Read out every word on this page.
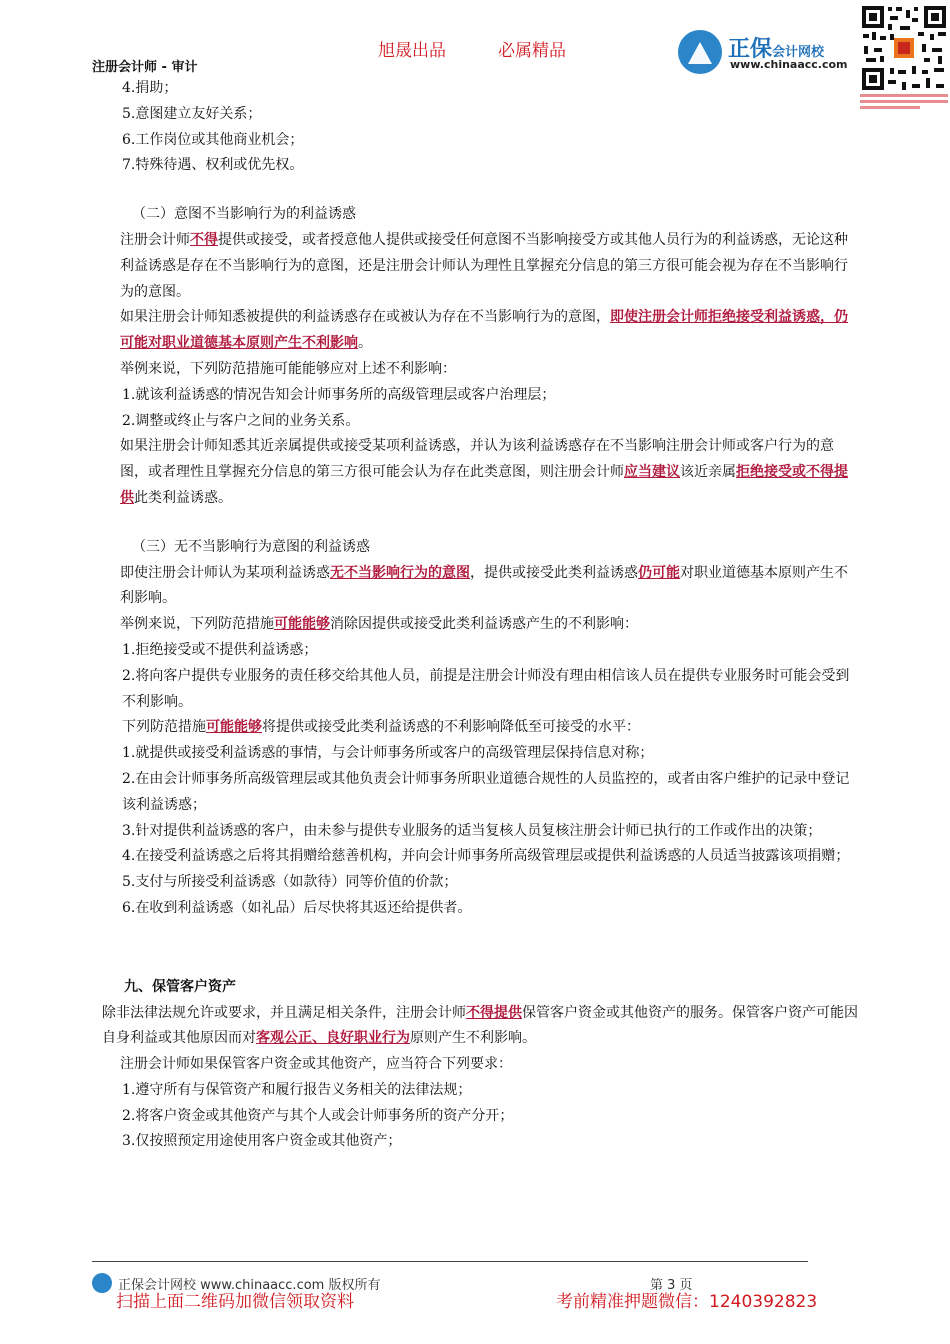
旭晟出品	必属精品
注册会计师 - 审计
正保会计网校
www.chinaacc.com

4.捐助；

5.意图建立友好关系；

6.工作岗位或其他商业机会；

7.特殊待遇、权利或优先权。

（二）意图不当影响行为的利益诱惑

注册会计师不得提供或接受，或者授意他人提供或接受任何意图不当影响接受方或其他人员行为的利益诱惑，无论这种利益诱惑是存在不当影响行为的意图，还是注册会计师认为理性且掌握充分信息的第三方很可能会视为存在不当影响行为的意图。

如果注册会计师知悉被提供的利益诱惑存在或被认为存在不当影响行为的意图，即使注册会计师拒绝接受利益诱惑，仍可能对职业道德基本原则产生不利影响。

举例来说，下列防范措施可能能够应对上述不利影响：

1.就该利益诱惑的情况告知会计师事务所的高级管理层或客户治理层；

2.调整或终止与客户之间的业务关系。

如果注册会计师知悉其近亲属提供或接受某项利益诱惑，并认为该利益诱惑存在不当影响注册会计师或客户行为的意图，或者理性且掌握充分信息的第三方很可能会认为存在此类意图，则注册会计师应当建议该近亲属拒绝接受或不得提供此类利益诱惑。

（三）无不当影响行为意图的利益诱惑

即使注册会计师认为某项利益诱惑无不当影响行为的意图，提供或接受此类利益诱惑仍可能对职业道德基本原则产生不利影响。

举例来说，下列防范措施可能能够消除因提供或接受此类利益诱惑产生的不利影响：

1.拒绝接受或不提供利益诱惑；

2.将向客户提供专业服务的责任移交给其他人员，前提是注册会计师没有理由相信该人员在提供专业服务时可能会受到不利影响。

下列防范措施可能能够将提供或接受此类利益诱惑的不利影响降低至可接受的水平：

1.就提供或接受利益诱惑的事情，与会计师事务所或客户的高级管理层保持信息对称；

2.在由会计师事务所高级管理层或其他负责会计师事务所职业道德合规性的人员监控的，或者由客户维护的记录中登记该利益诱惑；

3.针对提供利益诱惑的客户，由未参与提供专业服务的适当复核人员复核注册会计师已执行的工作或作出的决策；

4.在接受利益诱惑之后将其捐赠给慈善机构，并向会计师事务所高级管理层或提供利益诱惑的人员适当披露该项捐赠；

5.支付与所接受利益诱惑（如款待）同等价值的价款；

6.在收到利益诱惑（如礼品）后尽快将其返还给提供者。

九、保管客户资产

除非法律法规允许或要求，并且满足相关条件，注册会计师不得提供保管客户资金或其他资产的服务。保管客户资产可能因自身利益或其他原因而对客观公正、良好职业行为原则产生不利影响。

注册会计师如果保管客户资金或其他资产，应当符合下列要求：

1.遵守所有与保管资产和履行报告义务相关的法律法规；

2.将客户资金或其他资产与其个人或会计师事务所的资产分开；

3.仅按照预定用途使用客户资金或其他资产；

正保会计网校 www.chinaacc.com 版权所有	第 3 页
扫描上面二维码加微信领取资料	考前精准押题微信：1240392823
